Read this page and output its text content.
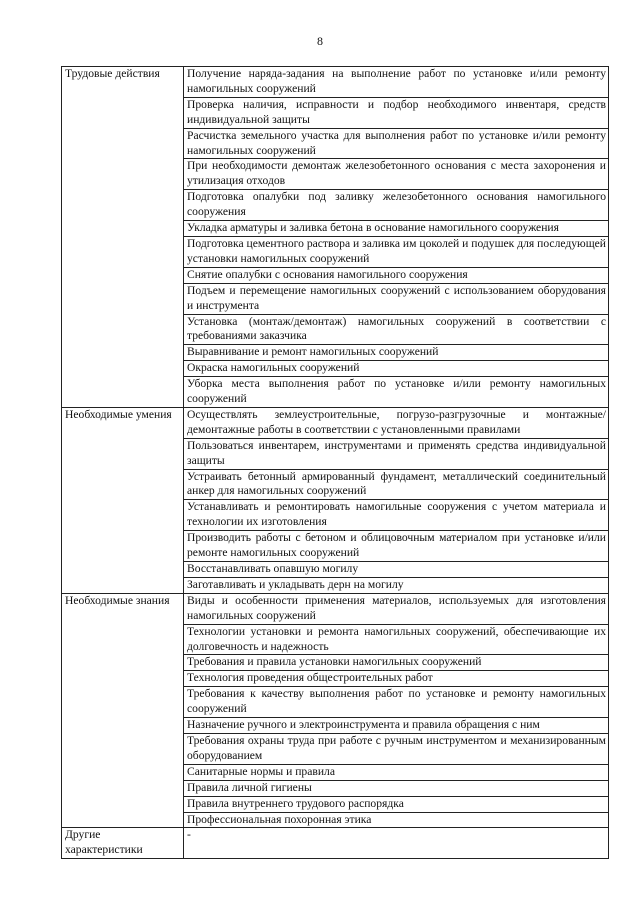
8
Трудовые действия	Получение наряда-задания на выполнение работ по установке и/или ремонту намогильных сооружений
	Проверка наличия, исправности и подбор необходимого инвентаря, средств индивидуальной защиты
	Расчистка земельного участка для выполнения работ по установке и/или ремонту намогильных сооружений
	При необходимости демонтаж железобетонного основания с места захоронения и утилизация отходов
	Подготовка опалубки под заливку железобетонного основания намогильного сооружения
	Укладка арматуры и заливка бетона в основание намогильного сооружения
	Подготовка цементного раствора и заливка им цоколей и подушек для последующей установки намогильных сооружений
	Снятие опалубки с основания намогильного сооружения
	Подъем и перемещение намогильных сооружений с использованием оборудования и инструмента
	Установка (монтаж/демонтаж) намогильных сооружений в соответствии с требованиями заказчика
	Выравнивание и ремонт намогильных сооружений
	Окраска намогильных сооружений
	Уборка места выполнения работ по установке и/или ремонту намогильных сооружений
Необходимые умения	Осуществлять землеустроительные, погрузо-разгрузочные и монтажные/демонтажные работы в соответствии с установленными правилами
	Пользоваться инвентарем, инструментами и применять средства индивидуальной защиты
	Устраивать бетонный армированный фундамент, металлический соединительный анкер для намогильных сооружений
	Устанавливать и ремонтировать намогильные сооружения с учетом материала и технологии их изготовления
	Производить работы с бетоном и облицовочным материалом при установке и/или ремонте намогильных сооружений
	Восстанавливать опавшую могилу
	Заготавливать и укладывать дерн на могилу
Необходимые знания	Виды и особенности применения материалов, используемых для изготовления намогильных сооружений
	Технологии установки и ремонта намогильных сооружений, обеспечивающие их долговечность и надежность
	Требования и правила установки намогильных сооружений
	Технология проведения общестроительных работ
	Требования к качеству выполнения работ по установке и ремонту намогильных сооружений
	Назначение ручного и электроинструмента и правила обращения с ним
	Требования охраны труда при работе с ручным инструментом и механизированным оборудованием
	Санитарные нормы и правила
	Правила личной гигиены
	Правила внутреннего трудового распорядка
	Профессиональная похоронная этика
Другие характеристики	-
